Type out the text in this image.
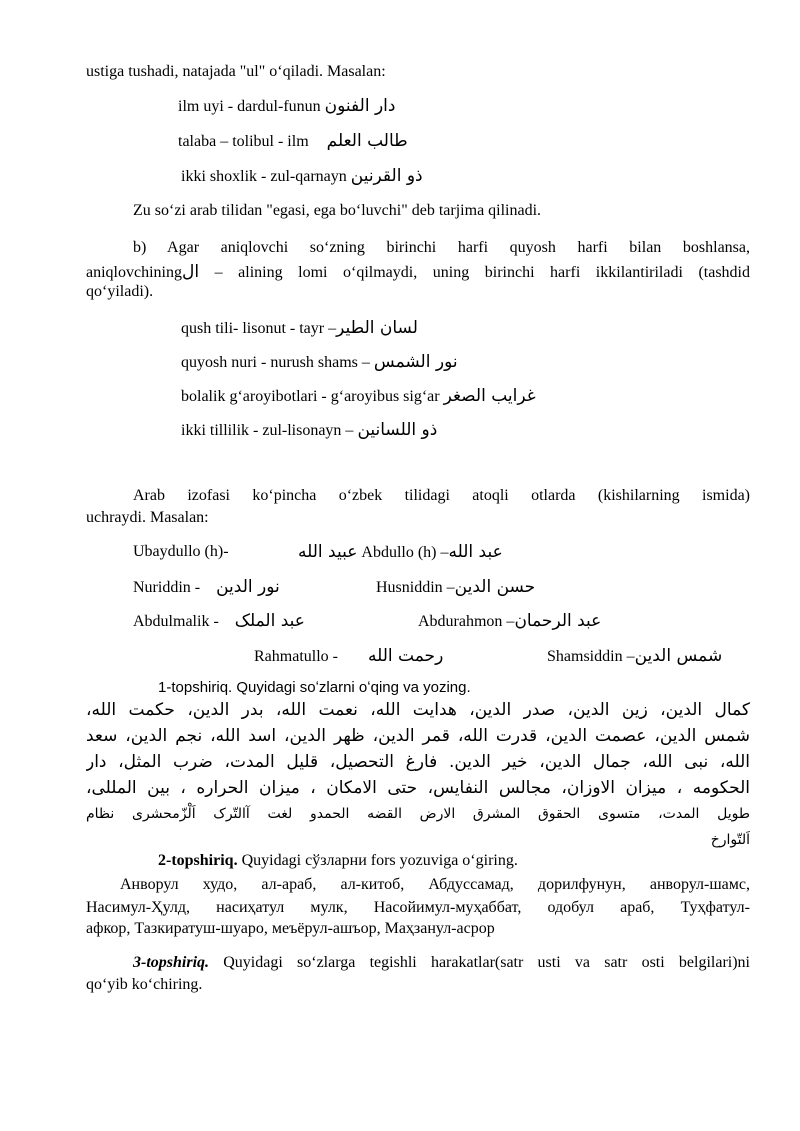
ustiga tushadi, natajada "ul" oʻqiladi. Masalan:
ilm uyi - dardul-funun دار الفنون
talaba – tolibul - ilm طالب العلم
ikki shoxlik - zul-qarnayn ذو القرنين
Zu soʻzi arab tilidan "egasi, ega boʻluvchi" deb tarjima qilinadi.
b) Agar aniqlovchi soʻzning birinchi harfi quyosh harfi bilan boshlansa,
aniqlovchiningال – alining lomi oʻqilmaydi, uning birinchi harfi ikkilantiriladi (tashdid
qoʻyiladi).
qush tili- lisonut - tayr –لسان الطير
quyosh nuri - nurush shams – نور الشمس
bolalik gʻaroyibotlari - gʻaroyibus sigʻar غرايب الصغر
ikki tillilik - zul-lisonayn – ذو اللسانين
Arab izofasi koʻpincha oʻzbek tilidagi atoqli otlarda (kishilarning ismida)
uchraydi. Masalan:
Ubaydullo (h)-	عبيد الله Abdullo (h) –عبد الله
Nuriddin - نور الدين	Husniddin –حسن الدين
Abdulmalik - عبد الملک	Abdurahmon –عبد الرحمان
Rahmatullo - رحمت الله	Shamsiddin –شمس الدين
1-topshiriq. Quyidagi soʻzlarni oʻqing va yozing.
كمال الدين، زين الدين، صدر الدين، هدايت الله، نعمت الله، بدر الدين، حكمت الله،
شمس الدين، عصمت الدين، قدرت الله، قمر الدين، ظهر الدين، اسد الله، نجم الدين، سعد
الله، نبى الله، جمال الدين، خير الدين. فارغ التحصيل، قليل المدت، ضرب المثل، دار
الحكومه ، ميزان الاوزان، مجالس النفايس، حتى الامكان ، ميزان الحراره ، بين المللى،
طويل المدت، متسوى الحقوق المشرق الارض القضه الحمدو لغت آالتّرک اَلْزّمحشرى نظام
اَلتّوارخ
2-topshiriq. Quyidagi сўзларни fors yozuviga oʻgiring.
Анворул худо, ал-араб, ал-китоб, Абдуссамад, дорилфунун, анворул-шамс,
Насимул-Ҳулд, насиҳатул мулк, Насойимул-муҳаббат, одобул араб, Туҳфатул-
афкор, Тазкиратуш-шуаро, меъёрул-ашъор, Маҳзанул-асрор
3-topshiriq. Quyidagi soʻzlarga tegishli harakatlar(satr usti va satr osti belgilari)ni
qoʻyib koʻchiring.
